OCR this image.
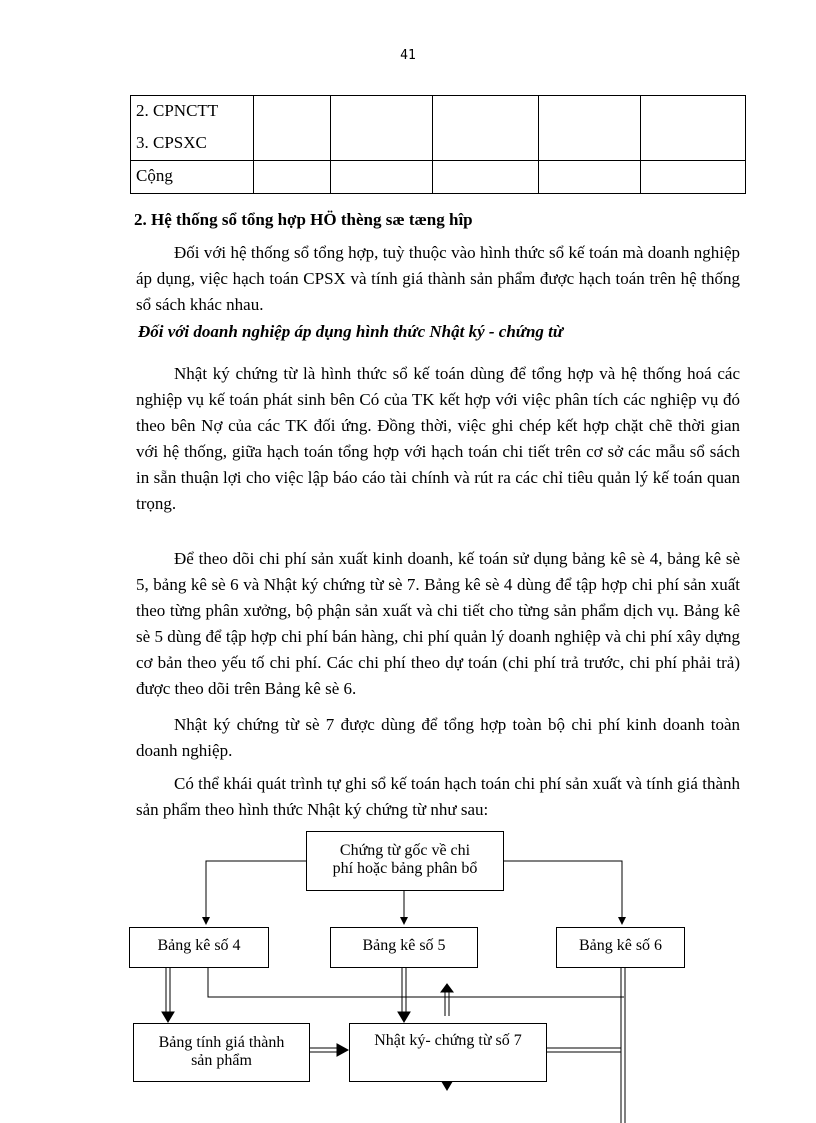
41
2. CPNCTT
3. CPSXC					

Cộng					

2. Hệ thống sổ tổng hợp HÖ thèng sæ tæng hîp

Đối với hệ thống sổ tổng hợp, tuỳ thuộc vào hình thức sổ kế toán mà doanh nghiệp áp dụng, việc hạch toán CPSX và tính giá thành sản phẩm được hạch toán trên hệ thống sổ sách khác nhau.

Đối với doanh nghiệp áp dụng hình thức Nhật ký - chứng từ

Nhật ký chứng từ là hình thức sổ kế toán dùng để tổng hợp và hệ thống hoá các nghiệp vụ kế toán phát sinh bên Có của TK kết hợp với việc phân tích các nghiệp vụ đó theo bên Nợ của các TK đối ứng. Đồng thời, việc ghi chép kết hợp chặt chẽ thời gian với hệ thống, giữa hạch toán tổng hợp với hạch toán chi tiết trên cơ sở các mẫu sổ sách in sẵn thuận lợi cho việc lập báo cáo tài chính và rút ra các chỉ tiêu quản lý kế toán quan trọng.

Để theo dõi chi phí sản xuất kinh doanh, kế toán sử dụng bảng kê sè 4, bảng kê sè 5, bảng kê sè 6 và Nhật ký chứng từ sè 7. Bảng kê sè 4 dùng để tập hợp chi phí sản xuất theo từng phân xưởng, bộ phận sản xuất và chi tiết cho từng sản phẩm dịch vụ. Bảng kê sè 5 dùng để tập hợp chi phí bán hàng, chi phí quản lý doanh nghiệp và chi phí xây dựng cơ bản theo yếu tố chi phí. Các chi phí theo dự toán (chi phí trả trước, chi phí phải trả) được theo dõi trên Bảng kê sè 6.

Nhật ký chứng từ sè 7 được dùng để tổng hợp toàn bộ chi phí kinh doanh toàn doanh nghiệp.

Có thể khái quát trình tự ghi sổ kế toán hạch toán chi phí sản xuất và tính giá thành sản phẩm theo hình thức Nhật ký chứng từ như sau:

Chứng từ gốc về chi
phí hoặc bảng phân bổ
Bảng kê số 4	Bảng kê số 5	Bảng kê số 6
Bảng tính giá thành
sản phẩm
Nhật ký- chứng từ số 7
